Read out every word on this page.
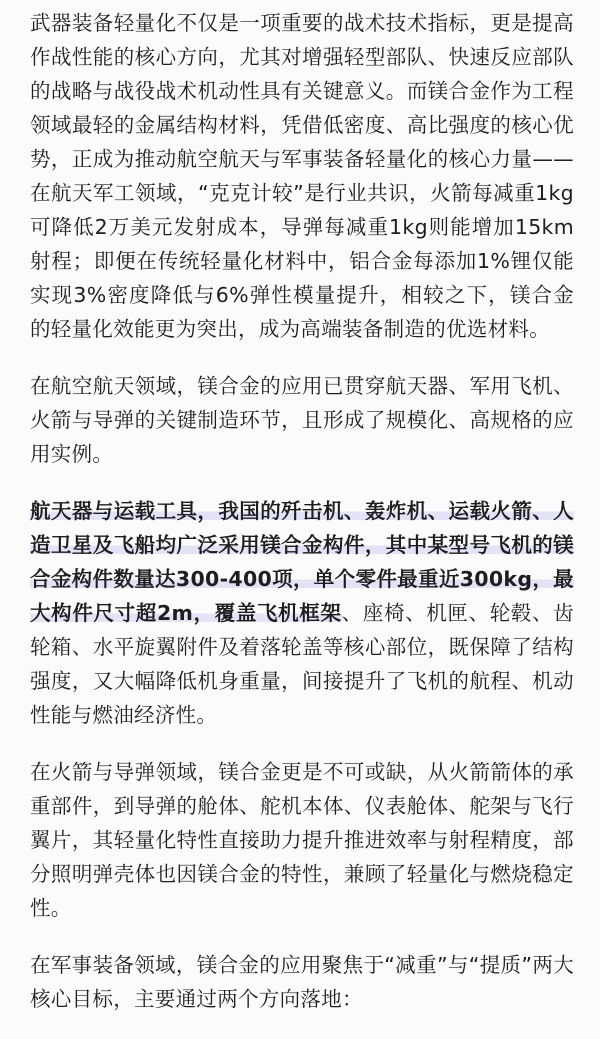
武器装备轻量化不仅是一项重要的战术技术指标，更是提高作战性能的核心方向，尤其对增强轻型部队、快速反应部队的战略与战役战术机动性具有关键意义。而镁合金作为工程领域最轻的金属结构材料，凭借低密度、高比强度的核心优势，正成为推动航空航天与军事装备轻量化的核心力量——在航天军工领域，“克克计较”是行业共识，火箭每减重1kg可降低2万美元发射成本，导弹每减重1kg则能增加15km射程；即便在传统轻量化材料中，铝合金每添加1%锂仅能实现3%密度降低与6%弹性模量提升，相较之下，镁合金的轻量化效能更为突出，成为高端装备制造的优选材料。

在航空航天领域，镁合金的应用已贯穿航天器、军用飞机、火箭与导弹的关键制造环节，且形成了规模化、高规格的应用实例。

航天器与运载工具，我国的歼击机、轰炸机、运载火箭、人造卫星及飞船均广泛采用镁合金构件，其中某型号飞机的镁合金构件数量达300-400项，单个零件最重近300kg，最大构件尺寸超2m，覆盖飞机框架、座椅、机匣、轮毂、齿轮箱、水平旋翼附件及着落轮盖等核心部位，既保障了结构强度，又大幅降低机身重量，间接提升了飞机的航程、机动性能与燃油经济性。

在火箭与导弹领域，镁合金更是不可或缺，从火箭箭体的承重部件，到导弹的舱体、舵机本体、仪表舱体、舵架与飞行翼片，其轻量化特性直接助力提升推进效率与射程精度，部分照明弹壳体也因镁合金的特性，兼顾了轻量化与燃烧稳定性。

在军事装备领域，镁合金的应用聚焦于“减重”与“提质”两大核心目标，主要通过两个方向落地：
